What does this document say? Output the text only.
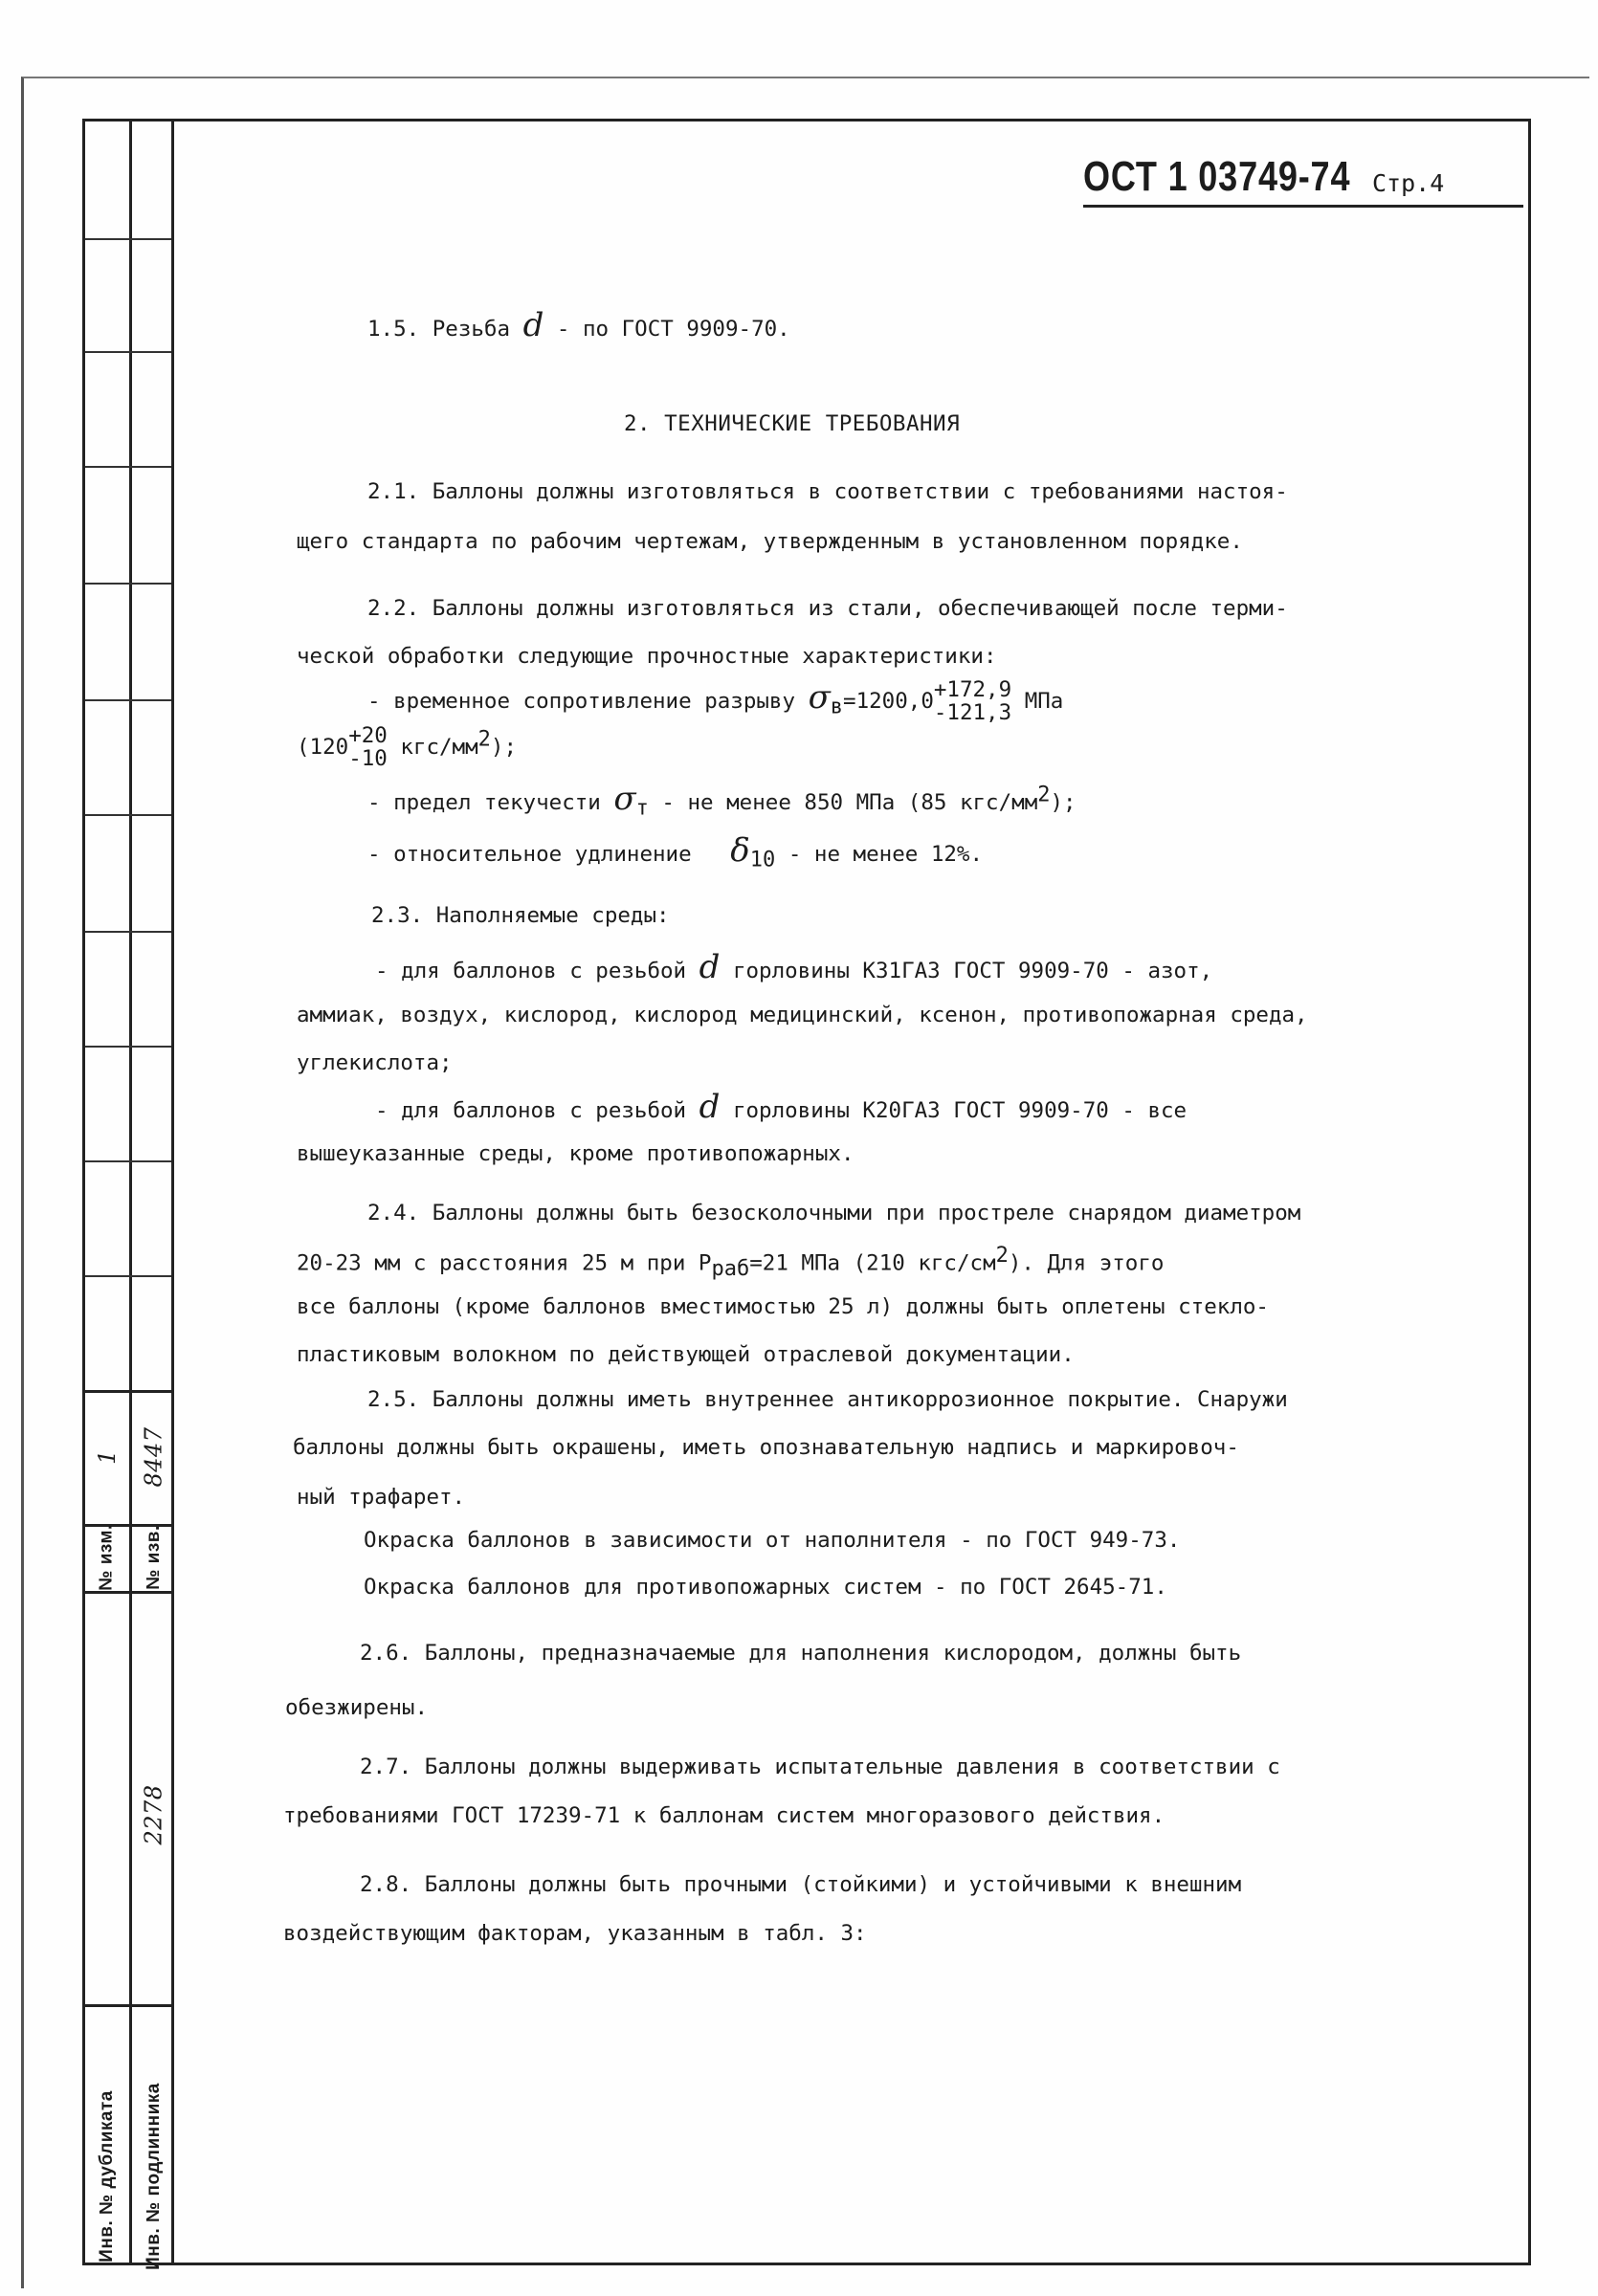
1 8447
№ изм. № изв.
2278
Инв. № дубликата Инв. № подлинника
ОСТ 1 03749-74 Стр.4
1.5. Резьба d - по ГОСТ 9909-70.
2. ТЕХНИЧЕСКИЕ ТРЕБОВАНИЯ
2.1. Баллоны должны изготовляться в соответствии с требованиями настоя-
щего стандарта по рабочим чертежам, утвержденным в установленном порядке.
2.2. Баллоны должны изготовляться из стали, обеспечивающей после терми-
ческой обработки следующие прочностные характеристики:
- временное сопротивление разрыву $\sigma_в=1200,0 +172,9$
-121,3 МПа
(120 +20
-10 кгс/$мм^2$);
- предел текучести $\sigma_т$ - не менее 850 МПа (85 кгс/$мм^2$);
- относительное удлинение $\delta_{10}$ - не менее 12%.
2.3. Наполняемые среды:
- для баллонов с резьбой d горловины К31ГАЗ ГОСТ 9909-70 - азот,
аммиак, воздух, кислород, кислород медицинский, ксенон, противопожарная среда,
углекислота;
- для баллонов с резьбой d горловины К20ГАЗ ГОСТ 9909-70 - все
вышеуказанные среды, кроме противопожарных.
2.4. Баллоны должны быть безосколочными при простреле снарядом диаметром
20-23 мм с расстояния 25 м при $Р_{раб}=21$ МПа (210 кгс/$см^2$). Для этого
все баллоны (кроме баллонов вместимостью 25 л) должны быть оплетены стекло-
пластиковым волокном по действующей отраслевой документации.
2.5. Баллоны должны иметь внутреннее антикоррозионное покрытие. Снаружи
баллоны должны быть окрашены, иметь опознавательную надпись и маркировоч-
ный трафарет.
Окраска баллонов в зависимости от наполнителя - по ГОСТ 949-73.
Окраска баллонов для противопожарных систем - по ГОСТ 2645-71.
2.6. Баллоны, предназначаемые для наполнения кислородом, должны быть
обезжирены.
2.7. Баллоны должны выдерживать испытательные давления в соответствии с
требованиями ГОСТ 17239-71 к баллонам систем многоразового действия.
2.8. Баллоны должны быть прочными (стойкими) и устойчивыми к внешним
воздействующим факторам, указанным в табл. 3:
